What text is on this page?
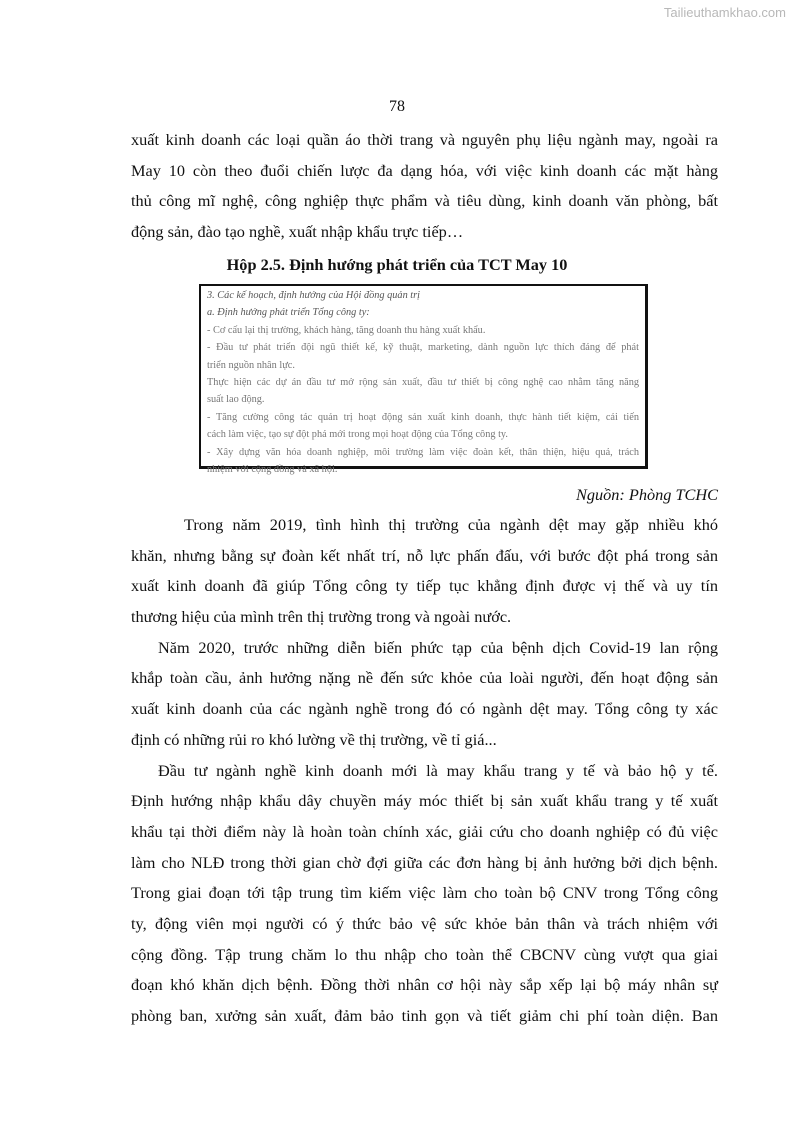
Tailieuthamkhao.com
78
xuất kinh doanh các loại quần áo thời trang và nguyên phụ liệu ngành may, ngoài ra
May 10 còn theo đuổi chiến lược đa dạng hóa, với việc kinh doanh các mặt hàng
thủ công mĩ nghệ, công nghiệp thực phẩm và tiêu dùng, kinh doanh văn phòng, bất
động sản, đào tạo nghề, xuất nhập khẩu trực tiếp…
Hộp 2.5. Định hướng phát triển của TCT May 10
3. Các kế hoạch, định hướng của Hội đồng quản trị
a. Định hướng phát triển Tổng công ty:
- Cơ cấu lại thị trường, khách hàng, tăng doanh thu hàng xuất khẩu.
- Đầu tư phát triển đội ngũ thiết kế, kỹ thuật, marketing, dành nguồn lực thích đáng để phát
triển nguồn nhân lực.
Thực hiện các dự án đầu tư mở rộng sản xuất, đầu tư thiết bị công nghệ cao nhằm tăng năng
suất lao động.
- Tăng cường công tác quản trị hoạt động sản xuất kinh doanh, thực hành tiết kiệm, cải tiến
cách làm việc, tạo sự đột phá mới trong mọi hoạt động của Tổng công ty.
- Xây dựng văn hóa doanh nghiệp, môi trường làm việc đoàn kết, thân thiện, hiệu quả, trách
nhiệm với cộng đồng và xã hội.
Nguồn: Phòng TCHC
Trong năm 2019, tình hình thị trường của ngành dệt may gặp nhiều khó
khăn, nhưng bằng sự đoàn kết nhất trí, nỗ lực phấn đấu, với bước đột phá trong sản
xuất kinh doanh đã giúp Tổng công ty tiếp tục khẳng định được vị thế và uy tín
thương hiệu của mình trên thị trường trong và ngoài nước.
Năm 2020, trước những diễn biến phức tạp của bệnh dịch Covid-19 lan rộng
khắp toàn cầu, ảnh hưởng nặng nề đến sức khỏe của loài người, đến hoạt động sản
xuất kinh doanh của các ngành nghề trong đó có ngành dệt may. Tổng công ty xác
định có những rủi ro khó lường về thị trường, về tỉ giá...
Đầu tư ngành nghề kinh doanh mới là may khẩu trang y tế và bảo hộ y tế.
Định hướng nhập khẩu dây chuyền máy móc thiết bị sản xuất khẩu trang y tế xuất
khẩu tại thời điểm này là hoàn toàn chính xác, giải cứu cho doanh nghiệp có đủ việc
làm cho NLĐ trong thời gian chờ đợi giữa các đơn hàng bị ảnh hưởng bởi dịch bệnh.
Trong giai đoạn tới tập trung tìm kiếm việc làm cho toàn bộ CNV trong Tổng công
ty, động viên mọi người có ý thức bảo vệ sức khỏe bản thân và trách nhiệm với
cộng đồng. Tập trung chăm lo thu nhập cho toàn thể CBCNV cùng vượt qua giai
đoạn khó khăn dịch bệnh. Đồng thời nhân cơ hội này sắp xếp lại bộ máy nhân sự
phòng ban, xưởng sản xuất, đảm bảo tinh gọn và tiết giảm chi phí toàn diện. Ban
